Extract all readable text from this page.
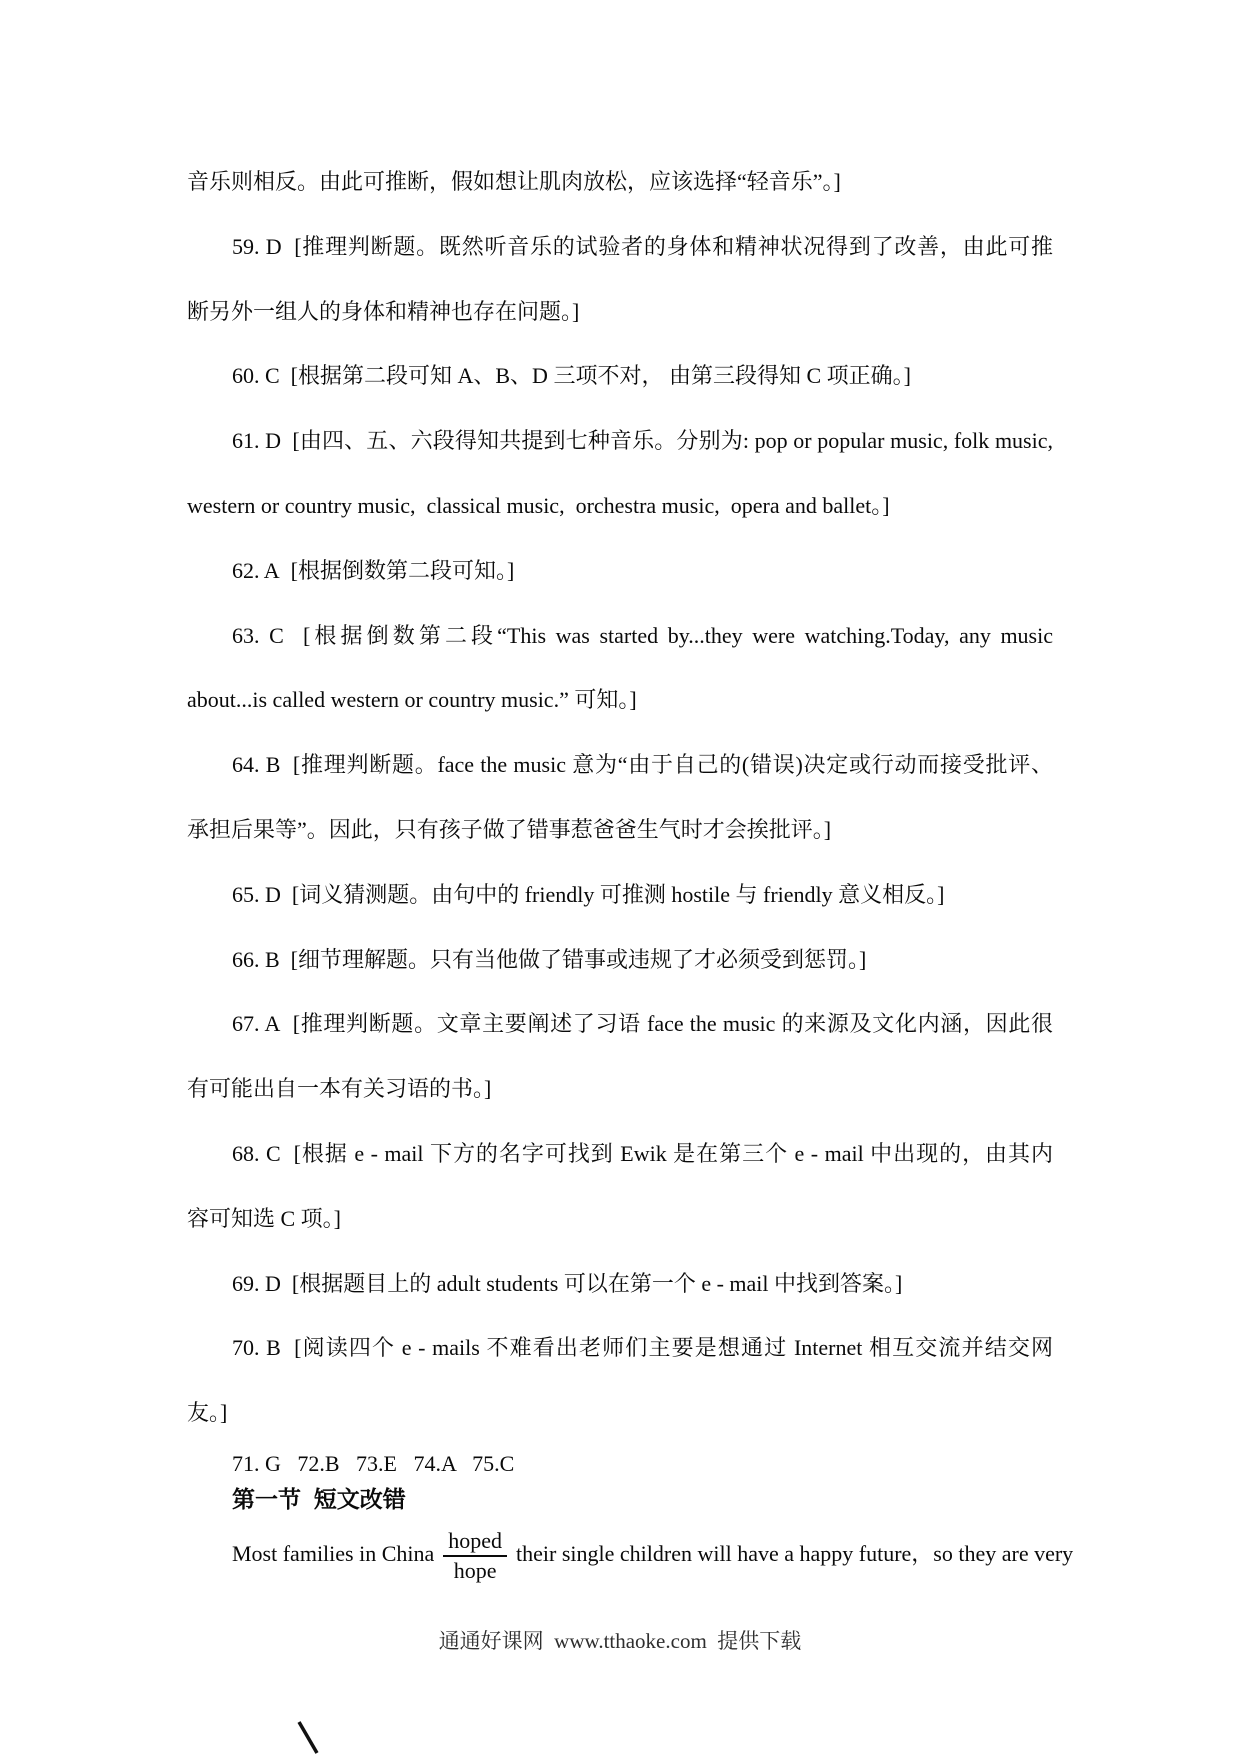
音乐则相反。由此可推断，假如想让肌肉放松，应该选择“轻音乐”。]
59. D  [推理判断题。既然听音乐的试验者的身体和精神状况得到了改善，由此可推
断另外一组人的身体和精神也存在问题。]
60. C  [根据第二段可知 A、B、D 三项不对， 由第三段得知 C 项正确。]
61. D  [由四、五、六段得知共提到七种音乐。分别为: pop or popular music, folk music,
western or country music,  classical music,  orchestra music,  opera and ballet。]
62. A  [根据倒数第二段可知。]
63. C  [根据倒数第二段“This was started by...they were watching.Today, any music
about...is called western or country music.” 可知。]
64. B  [推理判断题。face the music 意为“由于自己的(错误)决定或行动而接受批评、
承担后果等”。因此，只有孩子做了错事惹爸爸生气时才会挨批评。]
65. D  [词义猜测题。由句中的 friendly 可推测 hostile 与 friendly 意义相反。]
66. B  [细节理解题。只有当他做了错事或违规了才必须受到惩罚。]
67. A  [推理判断题。文章主要阐述了习语 face the music 的来源及文化内涵，因此很
有可能出自一本有关习语的书。]
68. C  [根据 e - mail 下方的名字可找到 Ewik 是在第三个 e - mail 中出现的，由其内
容可知选 C 项。]
69. D  [根据题目上的 adult students 可以在第一个 e - mail 中找到答案。]
70. B  [阅读四个 e - mails 不难看出老师们主要是想通过 Internet 相互交流并结交网
友。]
71. G   72.B   73.E   74.A   75.C
第一节  短文改错
Most families in China $\frac{\text{hoped}}{\text{hope}}$ their single children will have a happy future，so they are very
通通好课网  www.tthaoke.com  提供下载
